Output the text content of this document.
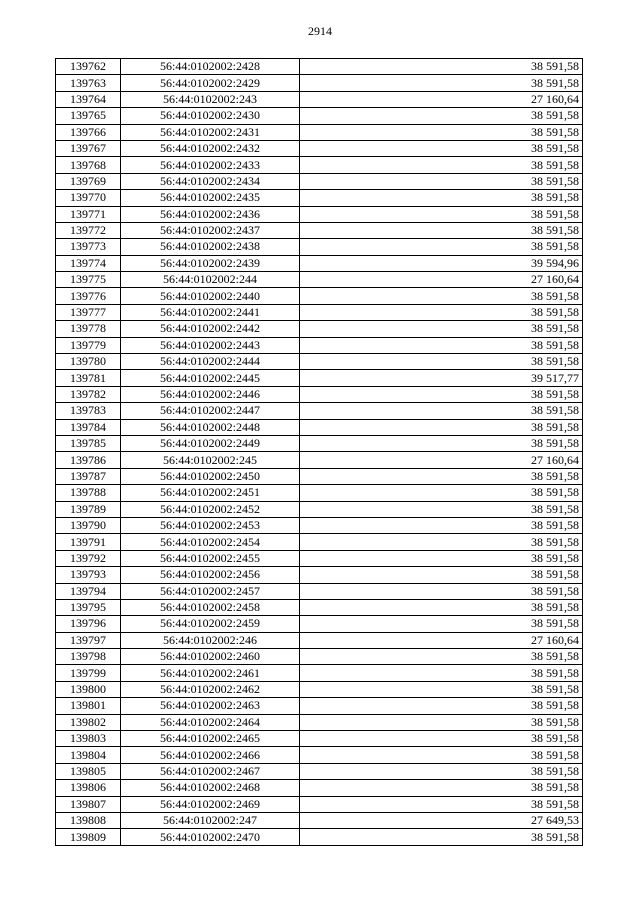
2914
139762	56:44:0102002:2428	38 591,58
139763	56:44:0102002:2429	38 591,58
139764	56:44:0102002:243	27 160,64
139765	56:44:0102002:2430	38 591,58
139766	56:44:0102002:2431	38 591,58
139767	56:44:0102002:2432	38 591,58
139768	56:44:0102002:2433	38 591,58
139769	56:44:0102002:2434	38 591,58
139770	56:44:0102002:2435	38 591,58
139771	56:44:0102002:2436	38 591,58
139772	56:44:0102002:2437	38 591,58
139773	56:44:0102002:2438	38 591,58
139774	56:44:0102002:2439	39 594,96
139775	56:44:0102002:244	27 160,64
139776	56:44:0102002:2440	38 591,58
139777	56:44:0102002:2441	38 591,58
139778	56:44:0102002:2442	38 591,58
139779	56:44:0102002:2443	38 591,58
139780	56:44:0102002:2444	38 591,58
139781	56:44:0102002:2445	39 517,77
139782	56:44:0102002:2446	38 591,58
139783	56:44:0102002:2447	38 591,58
139784	56:44:0102002:2448	38 591,58
139785	56:44:0102002:2449	38 591,58
139786	56:44:0102002:245	27 160,64
139787	56:44:0102002:2450	38 591,58
139788	56:44:0102002:2451	38 591,58
139789	56:44:0102002:2452	38 591,58
139790	56:44:0102002:2453	38 591,58
139791	56:44:0102002:2454	38 591,58
139792	56:44:0102002:2455	38 591,58
139793	56:44:0102002:2456	38 591,58
139794	56:44:0102002:2457	38 591,58
139795	56:44:0102002:2458	38 591,58
139796	56:44:0102002:2459	38 591,58
139797	56:44:0102002:246	27 160,64
139798	56:44:0102002:2460	38 591,58
139799	56:44:0102002:2461	38 591,58
139800	56:44:0102002:2462	38 591,58
139801	56:44:0102002:2463	38 591,58
139802	56:44:0102002:2464	38 591,58
139803	56:44:0102002:2465	38 591,58
139804	56:44:0102002:2466	38 591,58
139805	56:44:0102002:2467	38 591,58
139806	56:44:0102002:2468	38 591,58
139807	56:44:0102002:2469	38 591,58
139808	56:44:0102002:247	27 649,53
139809	56:44:0102002:2470	38 591,58
